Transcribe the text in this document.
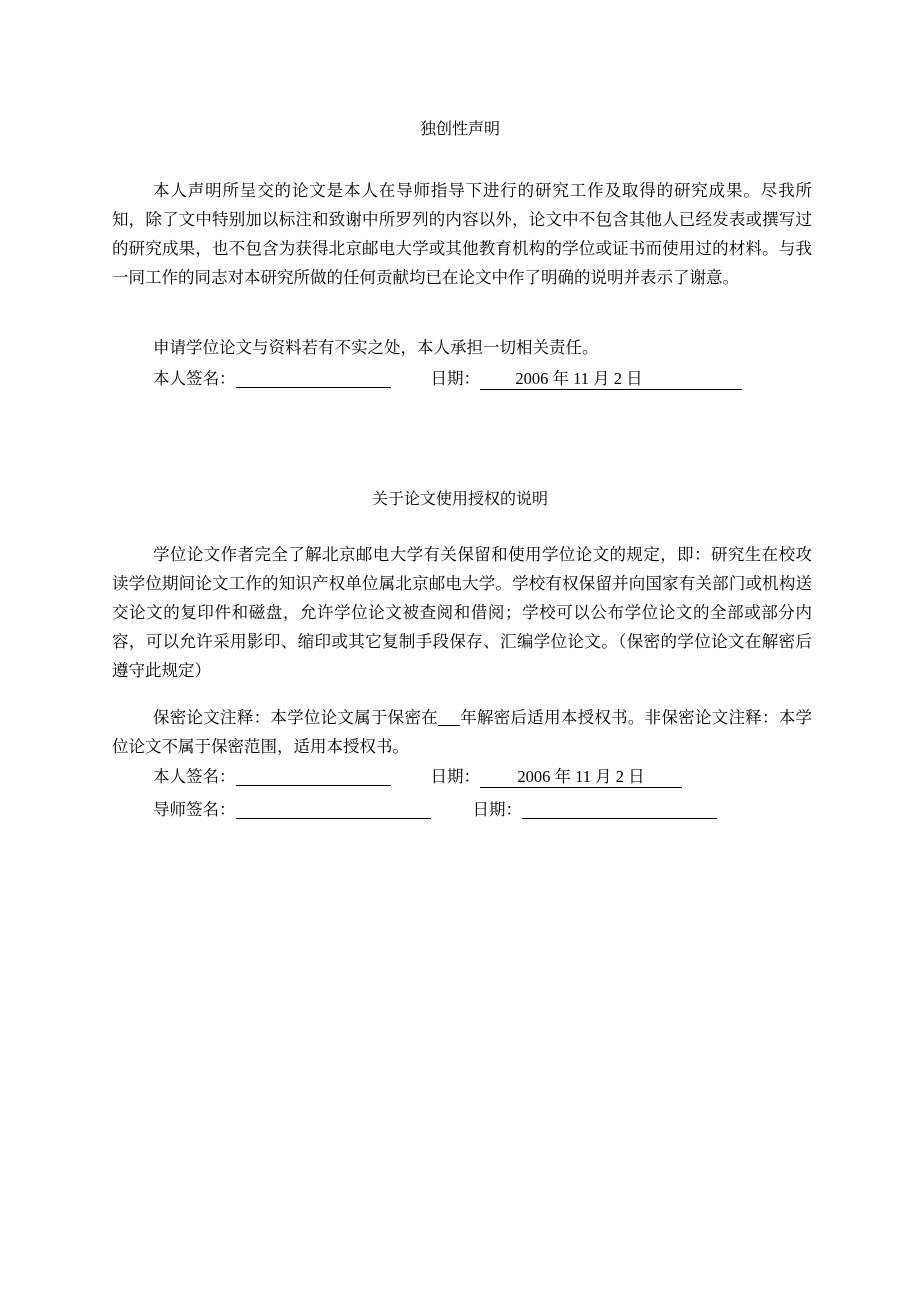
独创性声明

本人声明所呈交的论文是本人在导师指导下进行的研究工作及取得的研究成果。尽我所知，除了文中特别加以标注和致谢中所罗列的内容以外，论文中不包含其他人已经发表或撰写过的研究成果，也不包含为获得北京邮电大学或其他教育机构的学位或证书而使用过的材料。与我一同工作的同志对本研究所做的任何贡献均已在论文中作了明确的说明并表示了谢意。

申请学位论文与资料若有不实之处，本人承担一切相关责任。

本人签名：	日期： 2006 年 11 月 2 日
关于论文使用授权的说明

学位论文作者完全了解北京邮电大学有关保留和使用学位论文的规定，即：研究生在校攻读学位期间论文工作的知识产权单位属北京邮电大学。学校有权保留并向国家有关部门或机构送交论文的复印件和磁盘，允许学位论文被查阅和借阅；学校可以公布学位论文的全部或部分内容，可以允许采用影印、缩印或其它复制手段保存、汇编学位论文。（保密的学位论文在解密后遵守此规定）

保密论文注释：本学位论文属于保密在 年解密后适用本授权书。非保密论文注释：本学位论文不属于保密范围，适用本授权书。

本人签名：	日期： 2006 年 11 月 2 日
导师签名：	日期：
